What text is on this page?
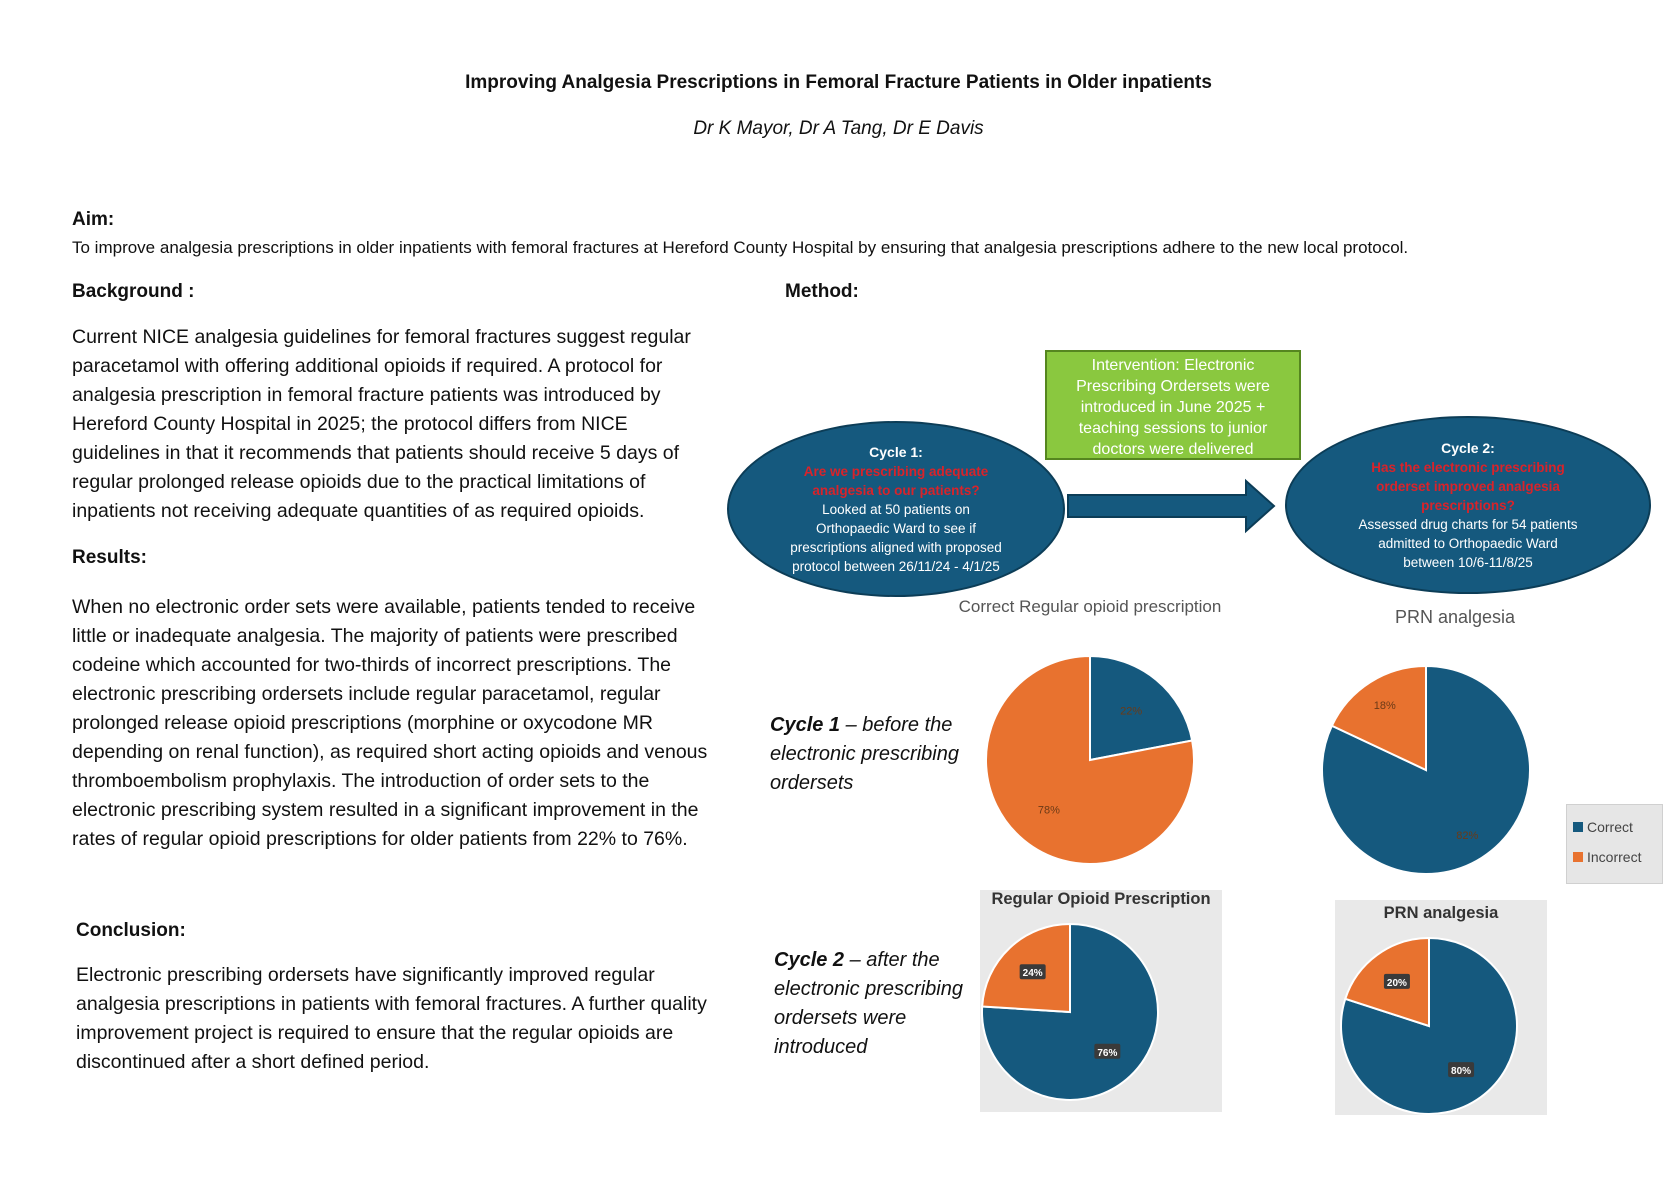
Improving Analgesia Prescriptions in Femoral Fracture Patients in Older inpatients
Dr K Mayor, Dr A Tang, Dr E Davis
Aim:
To improve analgesia prescriptions in older inpatients with femoral fractures at Hereford County Hospital by ensuring that analgesia prescriptions adhere to the new local protocol.
Background :
Current NICE analgesia guidelines for femoral fractures suggest regular paracetamol with offering additional opioids if required. A protocol for analgesia prescription in femoral fracture patients was introduced by Hereford County Hospital in 2025; the protocol differs from NICE guidelines in that it recommends that patients should receive 5 days of regular prolonged release opioids due to the practical limitations of inpatients not receiving adequate quantities of as required opioids.
Results:
When no electronic order sets were available, patients tended to receive little or inadequate analgesia. The majority of patients were prescribed codeine which accounted for two-thirds of incorrect prescriptions. The electronic prescribing ordersets include regular paracetamol, regular prolonged release opioid prescriptions (morphine or oxycodone MR depending on renal function), as required short acting opioids and venous thromboembolism prophylaxis. The introduction of order sets to the electronic prescribing system resulted in a significant improvement in the rates of regular opioid prescriptions for older patients from 22% to 76%.
Conclusion:
Electronic prescribing ordersets have significantly improved regular analgesia prescriptions in patients with femoral fractures. A further quality improvement project is required to ensure that the regular opioids are discontinued after a short defined period.
Method:
Cycle 1:
Are we prescribing adequate analgesia to our patients?
Looked at 50 patients on Orthopaedic Ward to see if prescriptions aligned with proposed protocol between 26/11/24 - 4/1/25
Intervention: Electronic Prescribing Ordersets were introduced in June 2025 + teaching sessions to junior doctors were delivered	Cycle 2:
Has the electronic prescribing orderset improved analgesia prescriptions?
Assessed drug charts for 54 patients admitted to Orthopaedic Ward between 10/6-11/8/25
Cycle 1 – before the electronic prescribing ordersets
Cycle 2 – after the electronic prescribing ordersets were introduced
Correct Regular opioid prescription
22%
78%
PRN analgesia
82%
18%
Correct
Incorrect
Regular Opioid Prescription
76%
24%
PRN analgesia
80%
20%
